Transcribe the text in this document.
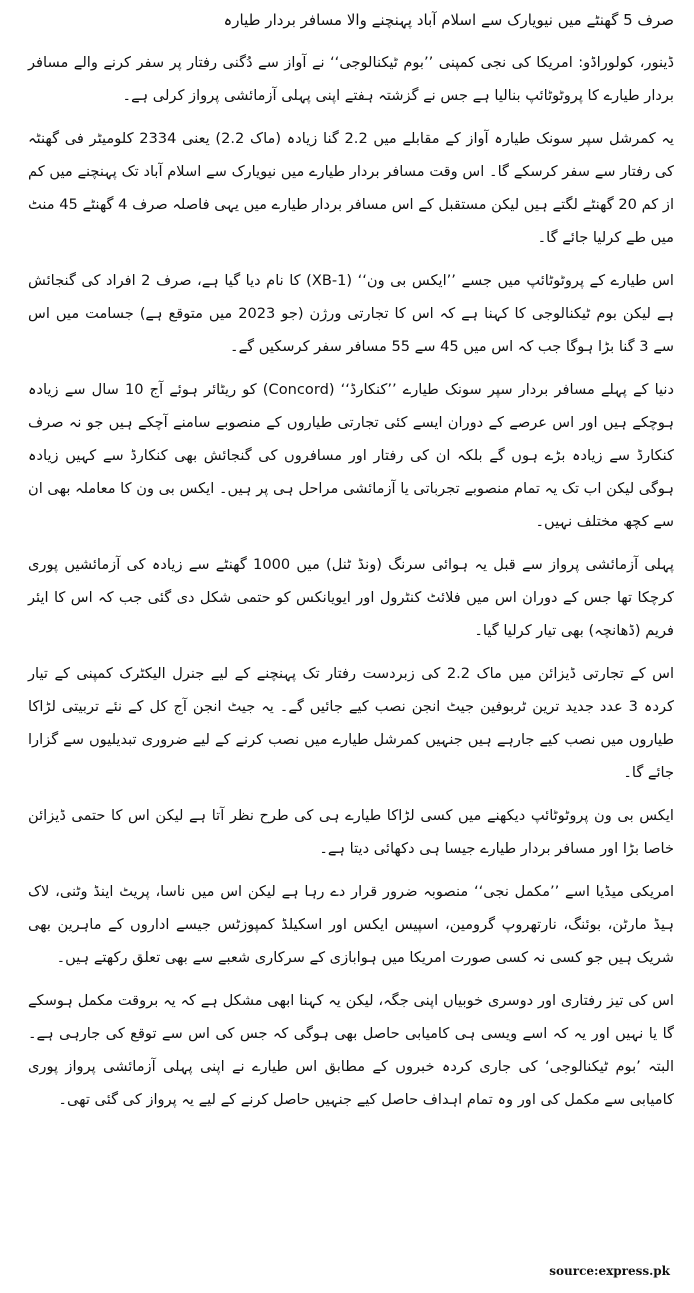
صرف 5 گھنٹے میں نیویارک سے اسلام آباد پہنچنے والا مسافر بردار طیارہ

ڈینور، کولوراڈو: امریکا کی نجی کمپنی ’’بوم ٹیکنالوجی‘‘ نے آواز سے دُگنی رفتار پر سفر کرنے والے مسافر بردار طیارے کا پروٹوٹائپ بنالیا ہے جس نے گزشتہ ہفتے اپنی پہلی آزمائشی پرواز کرلی ہے۔

یہ کمرشل سپر سونک طیارہ آواز کے مقابلے میں 2.2 گنا زیادہ (ماک 2.2) یعنی 2334 کلومیٹر فی گھنٹہ کی رفتار سے سفر کرسکے گا۔ اس وقت مسافر بردار طیارے میں نیویارک سے اسلام آباد تک پہنچنے میں کم از کم 20 گھنٹے لگتے ہیں لیکن مستقبل کے اس مسافر بردار طیارے میں یہی فاصلہ صرف 4 گھنٹے 45 منٹ میں طے کرلیا جائے گا۔

اس طیارے کے پروٹوٹائپ میں جسے ’’ایکس بی ون‘‘ (XB-1) کا نام دیا گیا ہے، صرف 2 افراد کی گنجائش ہے لیکن بوم ٹیکنالوجی کا کہنا ہے کہ اس کا تجارتی ورژن (جو 2023 میں متوقع ہے) جسامت میں اس سے 3 گنا بڑا ہوگا جب کہ اس میں 45 سے 55 مسافر سفر کرسکیں گے۔

دنیا کے پہلے مسافر بردار سپر سونک طیارے ’’کنکارڈ‘‘ (Concord) کو ریٹائر ہوئے آج 10 سال سے زیادہ ہوچکے ہیں اور اس عرصے کے دوران ایسے کئی تجارتی طیاروں کے منصوبے سامنے آچکے ہیں جو نہ صرف کنکارڈ سے زیادہ بڑے ہوں گے بلکہ ان کی رفتار اور مسافروں کی گنجائش بھی کنکارڈ سے کہیں زیادہ ہوگی لیکن اب تک یہ تمام منصوبے تجرباتی یا آزمائشی مراحل ہی پر ہیں۔ ایکس بی ون کا معاملہ بھی ان سے کچھ مختلف نہیں۔

پہلی آزمائشی پرواز سے قبل یہ ہوائی سرنگ (ونڈ ٹنل) میں 1000 گھنٹے سے زیادہ کی آزمائشیں پوری کرچکا تھا جس کے دوران اس میں فلائٹ کنٹرول اور ایویانکس کو حتمی شکل دی گئی جب کہ اس کا ایئر فریم (ڈھانچہ) بھی تیار کرلیا گیا۔

اس کے تجارتی ڈیزائن میں ماک 2.2 کی زبردست رفتار تک پہنچنے کے لیے جنرل الیکٹرک کمپنی کے تیار کردہ 3 عدد جدید ترین ٹربوفین جیٹ انجن نصب کیے جائیں گے۔ یہ جیٹ انجن آج کل کے نئے تربیتی لڑاکا طیاروں میں نصب کیے جارہے ہیں جنہیں کمرشل طیارے میں نصب کرنے کے لیے ضروری تبدیلیوں سے گزارا جائے گا۔

ایکس بی ون پروٹوٹائپ دیکھنے میں کسی لڑاکا طیارے ہی کی طرح نظر آتا ہے لیکن اس کا حتمی ڈیزائن خاصا بڑا اور مسافر بردار طیارے جیسا ہی دکھائی دیتا ہے۔

امریکی میڈیا اسے ’’مکمل نجی‘‘ منصوبہ ضرور قرار دے رہا ہے لیکن اس میں ناسا، پریٹ اینڈ وٹنی، لاک ہیڈ مارٹن، بوئنگ، نارتھروپ گرومین، اسپیس ایکس اور اسکیلڈ کمپوزٹس جیسے اداروں کے ماہرین بھی شریک ہیں جو کسی نہ کسی صورت امریکا میں ہوابازی کے سرکاری شعبے سے بھی تعلق رکھتے ہیں۔

اس کی تیز رفتاری اور دوسری خوبیاں اپنی جگہ، لیکن یہ کہنا ابھی مشکل ہے کہ یہ بروقت مکمل ہوسکے گا یا نہیں اور یہ کہ اسے ویسی ہی کامیابی حاصل بھی ہوگی کہ جس کی اس سے توقع کی جارہی ہے۔ البتہ ’بوم ٹیکنالوجی‘ کی جاری کردہ خبروں کے مطابق اس طیارے نے اپنی پہلی آزمائشی پرواز پوری کامیابی سے مکمل کی اور وہ تمام اہداف حاصل کیے جنہیں حاصل کرنے کے لیے یہ پرواز کی گئی تھی۔

source:express.pk
